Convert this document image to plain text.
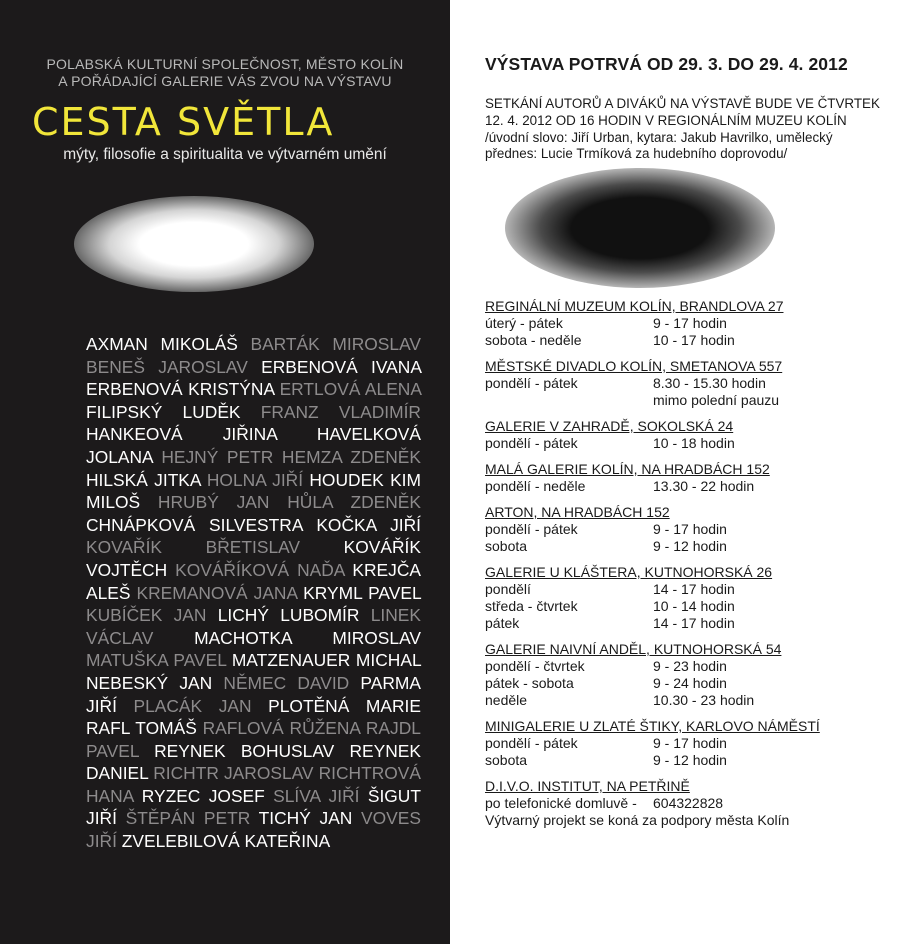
POLABSKÁ KULTURNÍ SPOLEČNOST, MĚSTO KOLÍN
A POŘÁDAJÍCÍ GALERIE VÁS ZVOU NA VÝSTAVU
CESTA SVĚTLA
mýty, filosofie a spiritualita ve výtvarném umění
AXMAN MIKOLÁŠ BARTÁK MIROSLAV BENEŠ JAROSLAV ERBENOVÁ IVANA ERBENOVÁ KRISTÝNA ERTLOVÁ ALENA FILIPSKÝ LUDĚK FRANZ VLADIMÍR HANKEOVÁ JIŘINA HAVELKOVÁ JOLANA HEJNÝ PETR HEMZA ZDENĚK HILSKÁ JITKA HOLNA JIŘÍ HOUDEK KIM MILOŠ HRUBÝ JAN HŮLA ZDENĚK CHNÁPKOVÁ SILVESTRA KOČKA JIŘÍ KOVAŘÍK BŘETISLAV	KOVÁŘÍK VOJTĚCH KOVÁŘÍKOVÁ NAĎA KREJČA ALEŠ KREMANOVÁ JANA KRYML PAVEL KUBÍČEK JAN LICHÝ LUBOMÍR LINEK VÁCLAV MACHOTKA MIROSLAV MATUŠKA PAVEL MATZENAUER MICHAL NEBESKÝ JAN NĚMEC DAVID PARMA JIŘÍ PLACÁK JAN PLOTĚNÁ MARIE RAFL TOMÁŠ RAFLOVÁ RŮŽENA RAJDL PAVEL REYNEK BOHUSLAV REYNEK DANIEL RICHTR JAROSLAV RICHTROVÁ HANA RYZEC JOSEF SLÍVA JIŘÍ ŠIGUT JIŘÍ ŠTĚPÁN PETR TICHÝ JAN VOVES JIŘÍ ZVELEBILOVÁ KATEŘINA
VÝSTAVA POTRVÁ OD 29. 3. DO 29. 4. 2012
SETKÁNÍ AUTORŮ A DIVÁKŮ NA VÝSTAVĚ BUDE VE ČTVRTEK
12. 4. 2012 OD 16 HODIN V REGIONÁLNÍM MUZEU KOLÍN
/úvodní slovo: Jiří Urban, kytara: Jakub Havrilko, umělecký
přednes: Lucie Trmíková za hudebního doprovodu/
REGINÁLNÍ MUZEUM KOLÍN, BRANDLOVA 27
úterý - pátek	9 - 17 hodin
sobota - neděle	10 - 17 hodin
MĚSTSKÉ DIVADLO KOLÍN, SMETANOVA 557
pondělí - pátek	8.30 - 15.30 hodin
mimo polední pauzu
GALERIE V ZAHRADĚ, SOKOLSKÁ 24
pondělí - pátek	10 - 18 hodin
MALÁ GALERIE KOLÍN, NA HRADBÁCH 152
pondělí - neděle	13.30 - 22 hodin
ARTON, NA HRADBÁCH 152
pondělí - pátek	9 - 17 hodin
sobota	9 - 12 hodin
GALERIE U KLÁŠTERA, KUTNOHORSKÁ 26
pondělí	14 - 17 hodin
středa - čtvrtek	10 - 14 hodin
pátek	14 - 17 hodin
GALERIE NAIVNÍ ANDĚL, KUTNOHORSKÁ 54
pondělí - čtvrtek	9 - 23 hodin
pátek - sobota	9 - 24 hodin
neděle	10.30 - 23 hodin
MINIGALERIE U ZLATÉ ŠTIKY, KARLOVO NÁMĚSTÍ
pondělí - pátek	9 - 17 hodin
sobota	9 - 12 hodin
D.I.V.O. INSTITUT, NA PETŘINĚ
po telefonické domluvě -	604322828
Výtvarný projekt se koná za podpory města Kolín
